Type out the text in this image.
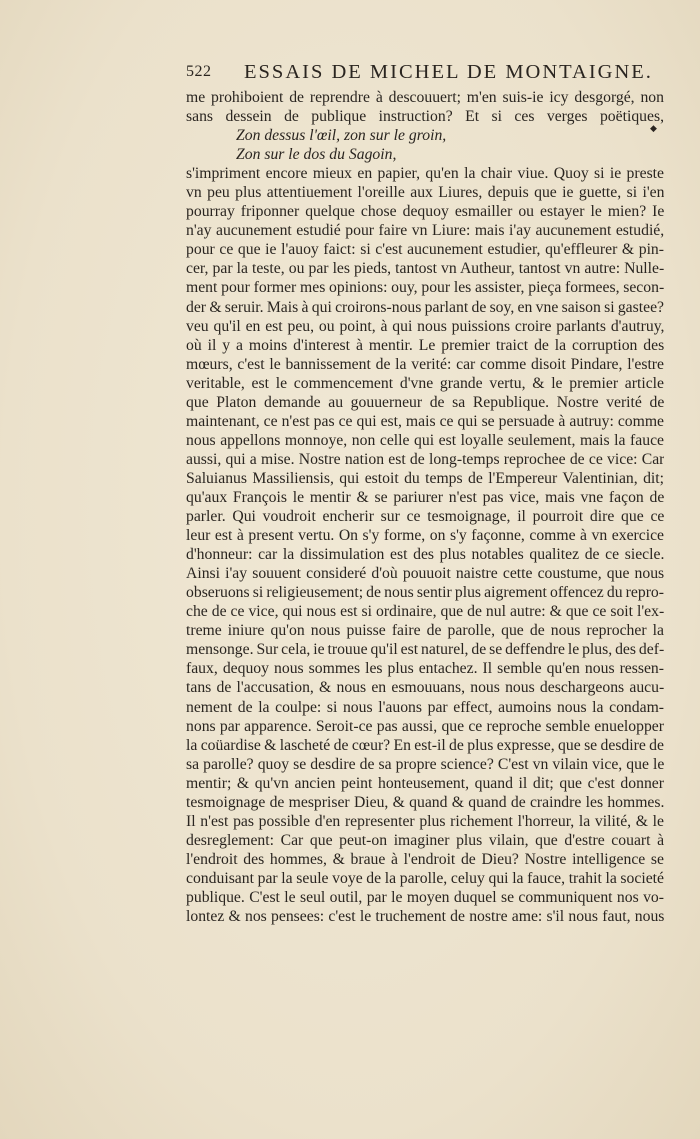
◆
522 ESSAIS DE MICHEL DE MONTAIGNE.
me prohiboient de reprendre à descouuert; m'en suis-ie icy desgorgé, non
sans dessein de publique instruction? Et si ces verges poëtiques,
Zon dessus l'œil, zon sur le groin,
Zon sur le dos du Sagoin,
s'impriment encore mieux en papier, qu'en la chair viue. Quoy si ie preste
vn peu plus attentiuement l'oreille aux Liures, depuis que ie guette, si i'en
pourray friponner quelque chose dequoy esmailler ou estayer le mien? Ie
n'ay aucunement estudié pour faire vn Liure: mais i'ay aucunement estudié,
pour ce que ie l'auoy faict: si c'est aucunement estudier, qu'effleurer & pin-
cer, par la teste, ou par les pieds, tantost vn Autheur, tantost vn autre: Nulle-
ment pour former mes opinions: ouy, pour les assister, pieça formees, secon-
der & seruir. Mais à qui croirons-nous parlant de soy, en vne saison si gastee?
veu qu'il en est peu, ou point, à qui nous puissions croire parlants d'autruy,
où il y a moins d'interest à mentir. Le premier traict de la corruption des
mœurs, c'est le bannissement de la verité: car comme disoit Pindare, l'estre
veritable, est le commencement d'vne grande vertu, & le premier article
que Platon demande au gouuerneur de sa Republique. Nostre verité de
maintenant, ce n'est pas ce qui est, mais ce qui se persuade à autruy: comme
nous appellons monnoye, non celle qui est loyalle seulement, mais la fauce
aussi, qui a mise. Nostre nation est de long-temps reprochee de ce vice: Car
Saluianus Massiliensis, qui estoit du temps de l'Empereur Valentinian, dit;
qu'aux François le mentir & se pariurer n'est pas vice, mais vne façon de
parler. Qui voudroit encherir sur ce tesmoignage, il pourroit dire que ce
leur est à present vertu. On s'y forme, on s'y façonne, comme à vn exercice
d'honneur: car la dissimulation est des plus notables qualitez de ce siecle.
Ainsi i'ay souuent consideré d'où pouuoit naistre cette coustume, que nous
obseruons si religieusement; de nous sentir plus aigrement offencez du repro-
che de ce vice, qui nous est si ordinaire, que de nul autre: & que ce soit l'ex-
treme iniure qu'on nous puisse faire de parolle, que de nous reprocher la
mensonge. Sur cela, ie trouue qu'il est naturel, de se deffendre le plus, des def-
faux, dequoy nous sommes les plus entachez. Il semble qu'en nous ressen-
tans de l'accusation, & nous en esmouuans, nous nous deschargeons aucu-
nement de la coulpe: si nous l'auons par effect, aumoins nous la condam-
nons par apparence. Seroit-ce pas aussi, que ce reproche semble enuelopper
la coüardise & lascheté de cœur? En est-il de plus expresse, que se desdire de
sa parolle? quoy se desdire de sa propre science? C'est vn vilain vice, que le
mentir; & qu'vn ancien peint honteusement, quand il dit; que c'est donner
tesmoignage de mespriser Dieu, & quand & quand de craindre les hommes.
Il n'est pas possible d'en representer plus richement l'horreur, la vilité, & le
desreglement: Car que peut-on imaginer plus vilain, que d'estre couart à
l'endroit des hommes, & braue à l'endroit de Dieu? Nostre intelligence se
conduisant par la seule voye de la parolle, celuy qui la fauce, trahit la societé
publique. C'est le seul outil, par le moyen duquel se communiquent nos vo-
lontez & nos pensees: c'est le truchement de nostre ame: s'il nous faut, nous
